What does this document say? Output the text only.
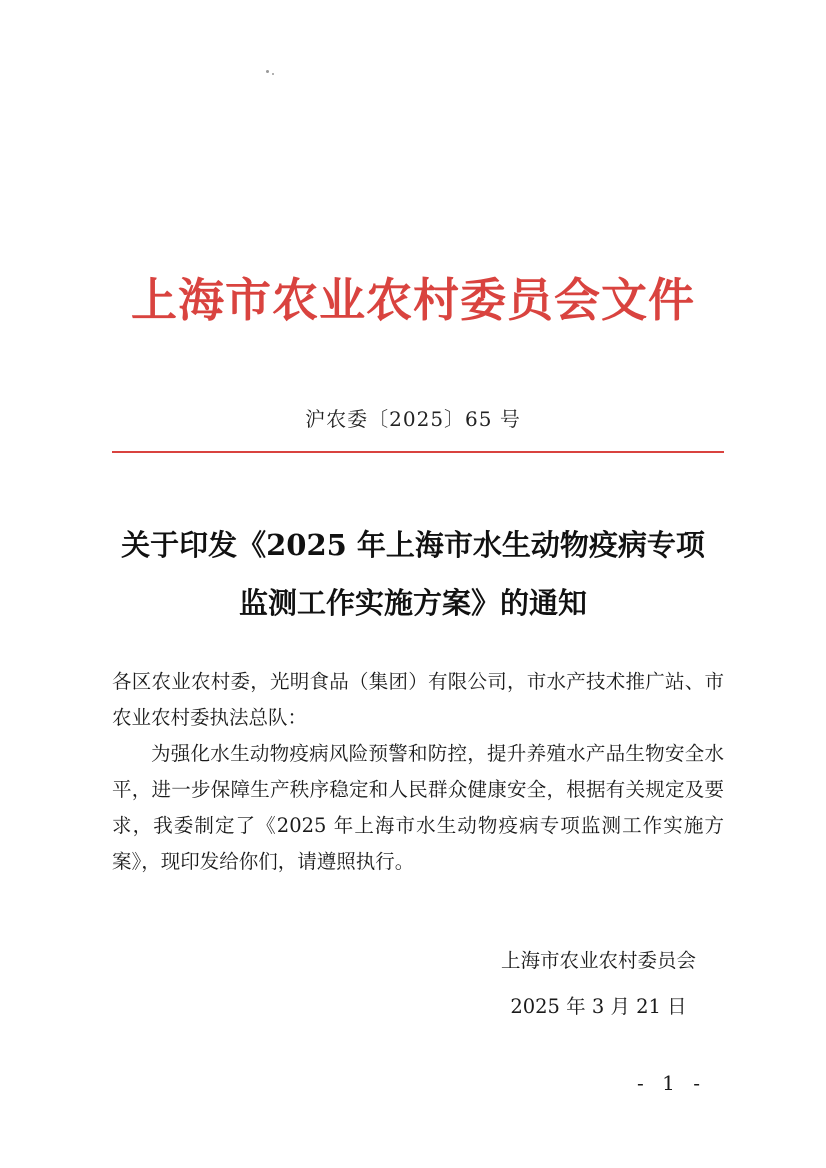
上海市农业农村委员会文件
沪农委〔2025〕65 号
关于印发《2025 年上海市水生动物疫病专项
监测工作实施方案》的通知

各区农业农村委，光明食品（集团）有限公司，市水产技术推广站、市农业农村委执法总队：

为强化水生动物疫病风险预警和防控，提升养殖水产品生物安全水平，进一步保障生产秩序稳定和人民群众健康安全，根据有关规定及要求，我委制定了《2025 年上海市水生动物疫病专项监测工作实施方案》，现印发给你们，请遵照执行。

上海市农业农村委员会
2025 年 3 月 21 日
- 1 -
